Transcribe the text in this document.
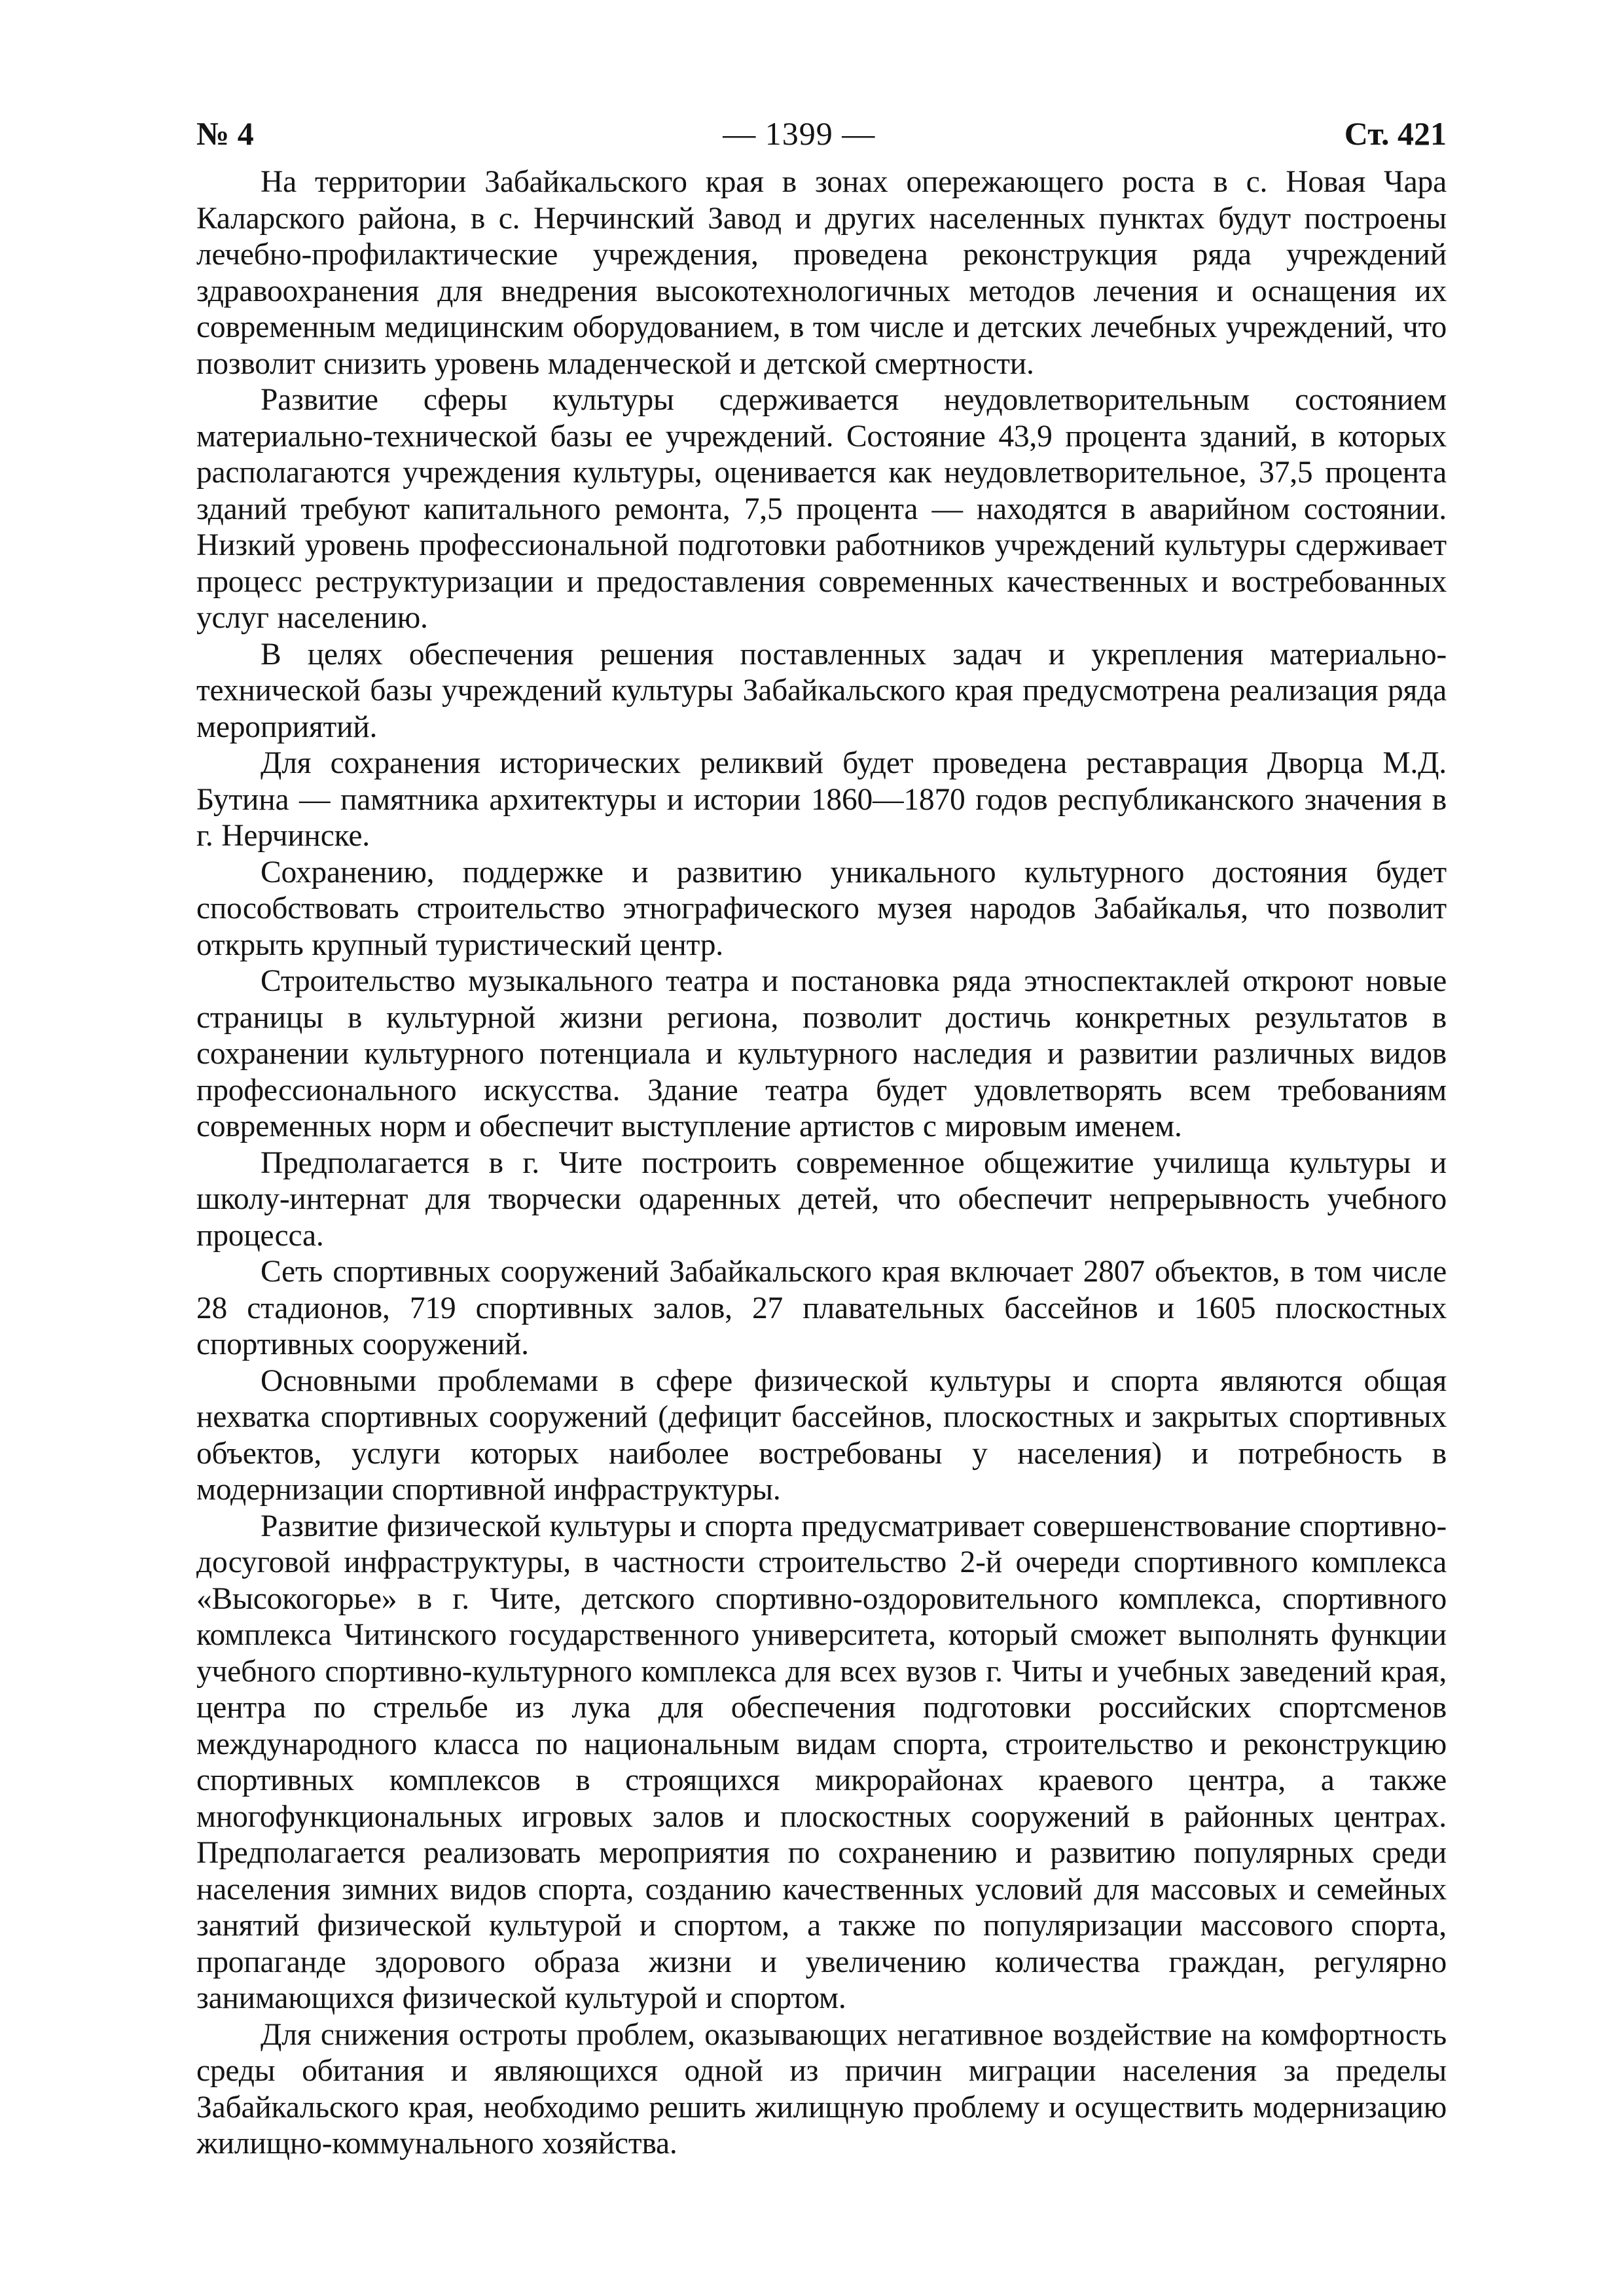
№ 4	— 1399 —	Ст. 421

На территории Забайкальского края в зонах опережающего роста в с. Новая Чара Каларского района, в с. Нерчинский Завод и других населенных пунктах будут построены лечебно-профилактические учреждения, проведена реконструкция ряда учреждений здравоохранения для внедрения высокотехнологичных методов лечения и оснащения их современным медицинским оборудованием, в том числе и детских лечебных учреждений, что позволит снизить уровень младенческой и детской смертности.

Развитие сферы культуры сдерживается неудовлетворительным состоянием материально-технической базы ее учреждений. Состояние 43,9 процента зданий, в которых располагаются учреждения культуры, оценивается как неудовлетворительное, 37,5 процента зданий требуют капитального ремонта, 7,5 процента — находятся в аварийном состоянии. Низкий уровень профессиональной подготовки работников учреждений культуры сдерживает процесс реструктуризации и предоставления современных качественных и востребованных услуг населению.

В целях обеспечения решения поставленных задач и укрепления материально-технической базы учреждений культуры Забайкальского края предусмотрена реализация ряда мероприятий.

Для сохранения исторических реликвий будет проведена реставрация Дворца М.Д. Бутина — памятника архитектуры и истории 1860—1870 годов республиканского значения в г. Нерчинске.

Сохранению, поддержке и развитию уникального культурного достояния будет способствовать строительство этнографического музея народов Забайкалья, что позволит открыть крупный туристический центр.

Строительство музыкального театра и постановка ряда этноспектаклей откроют новые страницы в культурной жизни региона, позволит достичь конкретных результатов в сохранении культурного потенциала и культурного наследия и развитии различных видов профессионального искусства. Здание театра будет удовлетворять всем требованиям современных норм и обеспечит выступление артистов с мировым именем.

Предполагается в г. Чите построить современное общежитие училища культуры и школу-интернат для творчески одаренных детей, что обеспечит непрерывность учебного процесса.

Сеть спортивных сооружений Забайкальского края включает 2807 объектов, в том числе 28 стадионов, 719 спортивных залов, 27 плавательных бассейнов и 1605 плоскостных спортивных сооружений.

Основными проблемами в сфере физической культуры и спорта являются общая нехватка спортивных сооружений (дефицит бассейнов, плоскостных и закрытых спортивных объектов, услуги которых наиболее востребованы у населения) и потребность в модернизации спортивной инфраструктуры.

Развитие физической культуры и спорта предусматривает совершенствование спортивно-досуговой инфраструктуры, в частности строительство 2-й очереди спортивного комплекса «Высокогорье» в г. Чите, детского спортивно-оздоровительного комплекса, спортивного комплекса Читинского государственного университета, который сможет выполнять функции учебного спортивно-культурного комплекса для всех вузов г. Читы и учебных заведений края, центра по стрельбе из лука для обеспечения подготовки российских спортсменов международного класса по национальным видам спорта, строительство и реконструкцию спортивных комплексов в строящихся микрорайонах краевого центра, а также многофункциональных игровых залов и плоскостных сооружений в районных центрах. Предполагается реализовать мероприятия по сохранению и развитию популярных среди населения зимних видов спорта, созданию качественных условий для массовых и семейных занятий физической культурой и спортом, а также по популяризации массового спорта, пропаганде здорового образа жизни и увеличению количества граждан, регулярно занимающихся физической культурой и спортом.

Для снижения остроты проблем, оказывающих негативное воздействие на комфортность среды обитания и являющихся одной из причин миграции населения за пределы Забайкальского края, необходимо решить жилищную проблему и осуществить модернизацию жилищно-коммунального хозяйства.
